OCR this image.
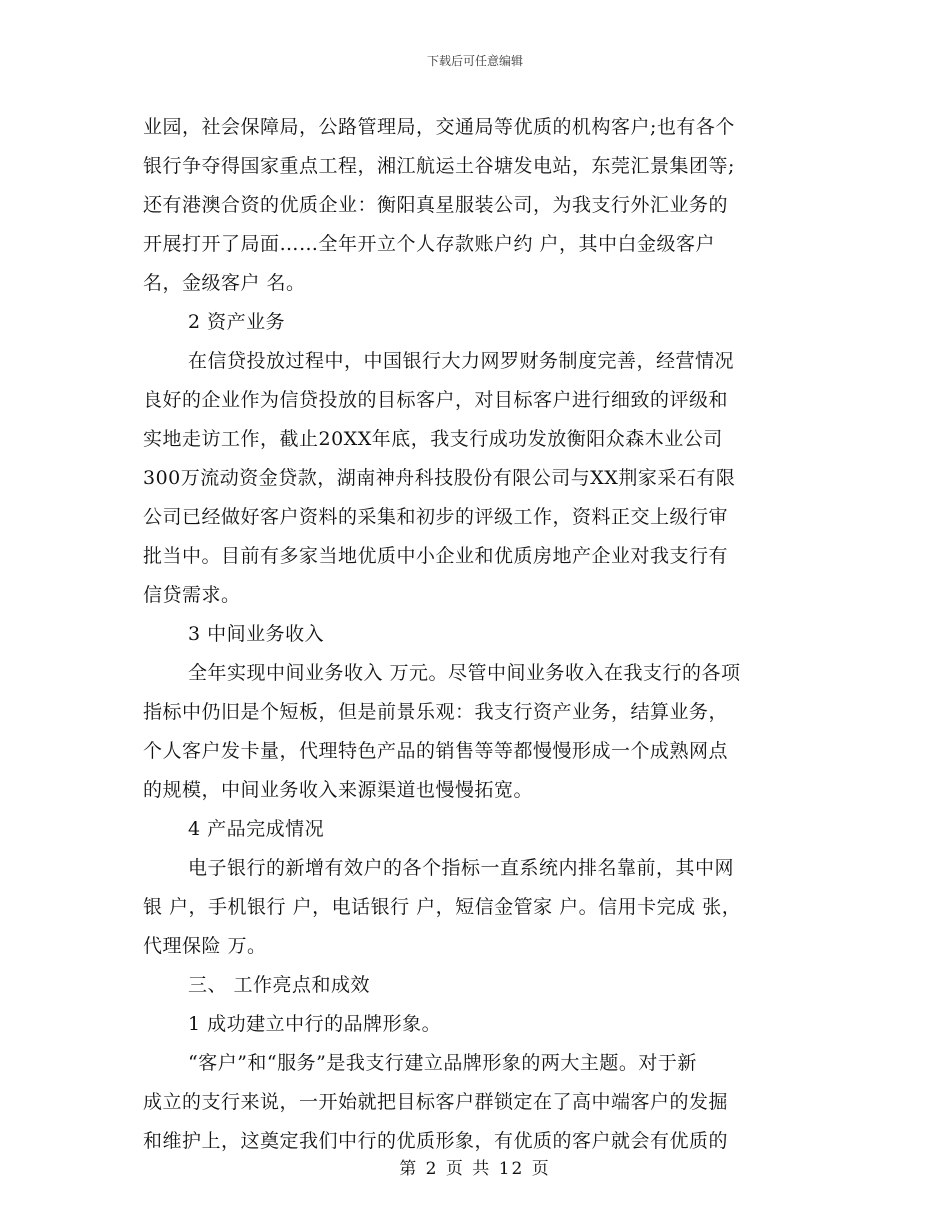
下载后可任意编辑
业园，社会保障局，公路管理局，交通局等优质的机构客户;也有各个
银行争夺得国家重点工程，湘江航运土谷塘发电站，东莞汇景集团等;
还有港澳合资的优质企业：衡阳真星服装公司，为我支行外汇业务的
开展打开了局面……全年开立个人存款账户约 户，其中白金级客户
名，金级客户 名。
2 资产业务
在信贷投放过程中，中国银行大力网罗财务制度完善，经营情况
良好的企业作为信贷投放的目标客户，对目标客户进行细致的评级和
实地走访工作，截止20XX年底，我支行成功发放衡阳众森木业公司
300万流动资金贷款，湖南神舟科技股份有限公司与XX荆家采石有限
公司已经做好客户资料的采集和初步的评级工作，资料正交上级行审
批当中。目前有多家当地优质中小企业和优质房地产企业对我支行有
信贷需求。
3 中间业务收入
全年实现中间业务收入 万元。尽管中间业务收入在我支行的各项
指标中仍旧是个短板，但是前景乐观：我支行资产业务，结算业务，
个人客户发卡量，代理特色产品的销售等等都慢慢形成一个成熟网点
的规模，中间业务收入来源渠道也慢慢拓宽。
4 产品完成情况
电子银行的新增有效户的各个指标一直系统内排名靠前，其中网
银 户，手机银行 户，电话银行 户，短信金管家 户。信用卡完成 张，
代理保险 万。
三、 工作亮点和成效
1 成功建立中行的品牌形象。
“客户”和“服务”是我支行建立品牌形象的两大主题。对于新
成立的支行来说，一开始就把目标客户群锁定在了高中端客户的发掘
和维护上，这奠定我们中行的优质形象，有优质的客户就会有优质的
第 2 页 共 12 页
